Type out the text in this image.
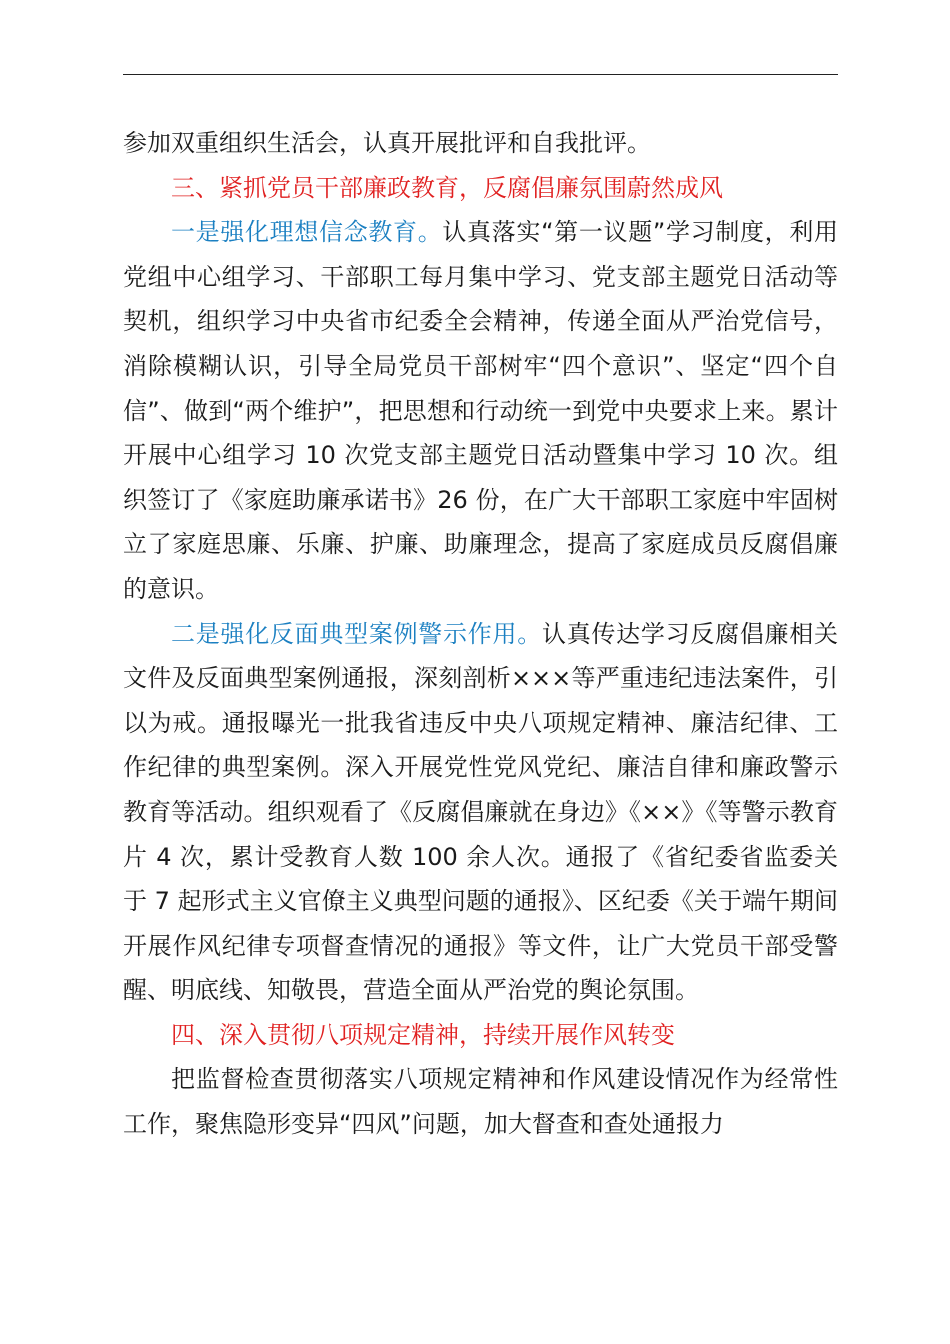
参加双重组织生活会，认真开展批评和自我批评。

三、紧抓党员干部廉政教育，反腐倡廉氛围蔚然成风

一是强化理想信念教育。认真落实“第一议题”学习制度，利用党组中心组学习、干部职工每月集中学习、党支部主题党日活动等契机，组织学习中央省市纪委全会精神，传递全面从严治党信号，消除模糊认识，引导全局党员干部树牢“四个意识”、坚定“四个自信”、做到“两个维护”，把思想和行动统一到党中央要求上来。累计开展中心组学习 10 次党支部主题党日活动暨集中学习 10 次。组织签订了《家庭助廉承诺书》26 份，在广大干部职工家庭中牢固树立了家庭思廉、乐廉、护廉、助廉理念，提高了家庭成员反腐倡廉的意识。

二是强化反面典型案例警示作用。认真传达学习反腐倡廉相关文件及反面典型案例通报，深刻剖析×××等严重违纪违法案件，引以为戒。通报曝光一批我省违反中央八项规定精神、廉洁纪律、工作纪律的典型案例。深入开展党性党风党纪、廉洁自律和廉政警示教育等活动。组织观看了《反腐倡廉就在身边》《××》《等警示教育片 4 次，累计受教育人数 100 余人次。通报了《省纪委省监委关于 7 起形式主义官僚主义典型问题的通报》、区纪委《关于端午期间开展作风纪律专项督查情况的通报》等文件，让广大党员干部受警醒、明底线、知敬畏，营造全面从严治党的舆论氛围。

四、深入贯彻八项规定精神，持续开展作风转变

把监督检查贯彻落实八项规定精神和作风建设情况作为经常性工作，聚焦隐形变异“四风”问题，加大督查和查处通报力
